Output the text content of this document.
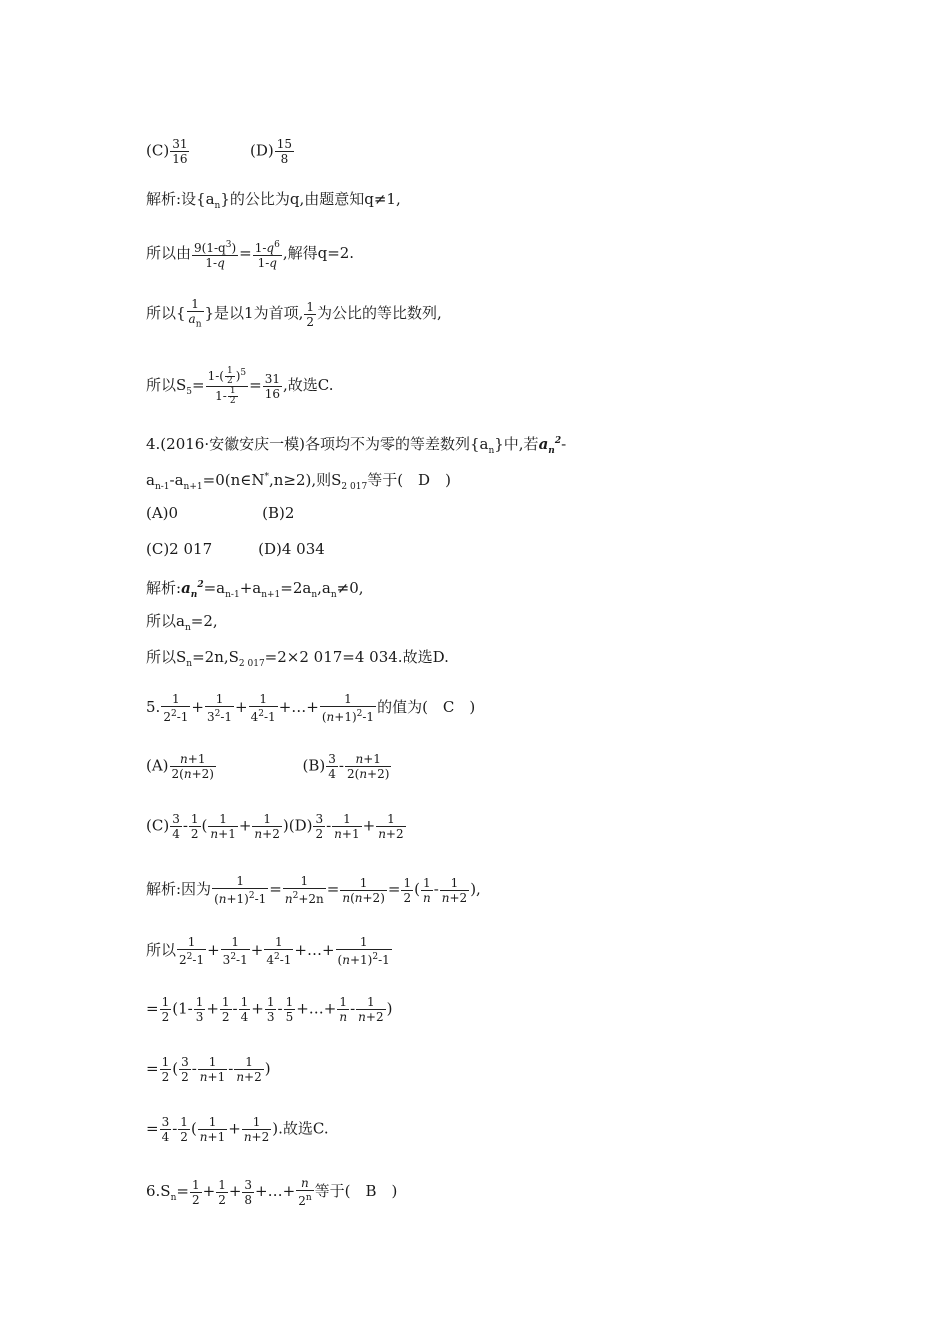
$(C) \frac{31}{16}$	$(D) \frac{15}{8}$
解析:设$\{a_n\}$的公比为q,由题意知q≠1,
所以由 $\frac{9(1-q^3)}{1-q} = \frac{1-q^6}{1-q}$ ,解得q=2.
所以{ $\frac{1}{a_n}$ }是以1为首项, $\frac{1}{2}$ 为公比的等比数列,
所以$S_5= \frac{1-( \frac{1}{2} )^5}{1- \frac{1}{2}} = \frac{31}{16}$ ,故选C.
4.(2016·安徽安庆一模)各项均不为零的等差数列$\{a_n\}$中,若$a_n^2-$
$a_{n-1}-a_{n+1}=0(n\in N^*,n\ge 2)$,则$S_{2 017}$等于(　D　)
(A)0	(B)2
(C)2 017	(D)4 034
解析$:a_n^2=a_{n-1}+a_{n+1}=2a_n,a_n\ne 0$,
所以$a_n=2$,
所以$S_n=2n,S_{2 017}=2\times 2$ 017=4 034.故选D.
5. $\frac{1}{2^2-1} + \frac{1}{3^2-1} + \frac{1}{4^2-1}$ +…+ $\frac{1}{(n+1)^2-1}$ 的值为(　C　)
$(A) \frac{n+1}{2(n+2)}$	$(B) \frac{3}{4} - \frac{n+1}{2(n+2)}$
$(C) \frac{3}{4} - \frac{1}{2}$ ( $\frac{1}{n+1} + \frac{1}{n+2} )(D) \frac{3}{2} - \frac{1}{n+1} + \frac{1}{n+2}$
解析:因为 $\frac{1}{(n+1)^2-1} = \frac{1}{n^2+2n} = \frac{1}{n(n+2)} = \frac{1}{2}$ ( $\frac{1}{n} - \frac{1}{n+2}$ ),
所以 $\frac{1}{2^2-1} + \frac{1}{3^2-1} + \frac{1}{4^2-1}$ +…+ $\frac{1}{(n+1)^2-1}$
= $\frac{1}{2} (1- \frac{1}{3} + \frac{1}{2} - \frac{1}{4} + \frac{1}{3} - \frac{1}{5}$ +…+ $\frac{1}{n} - \frac{1}{n+2}$ )
= $\frac{1}{2}$ ( $\frac{3}{2} - \frac{1}{n+1} - \frac{1}{n+2}$ )
= $\frac{3}{4} - \frac{1}{2}$ ( $\frac{1}{n+1} + \frac{1}{n+2}$ ).故选C.
$6.S_n= \frac{1}{2} + \frac{1}{2} + \frac{3}{8}$ +…+ $\frac{n}{2^n}$ 等于(　B　)
